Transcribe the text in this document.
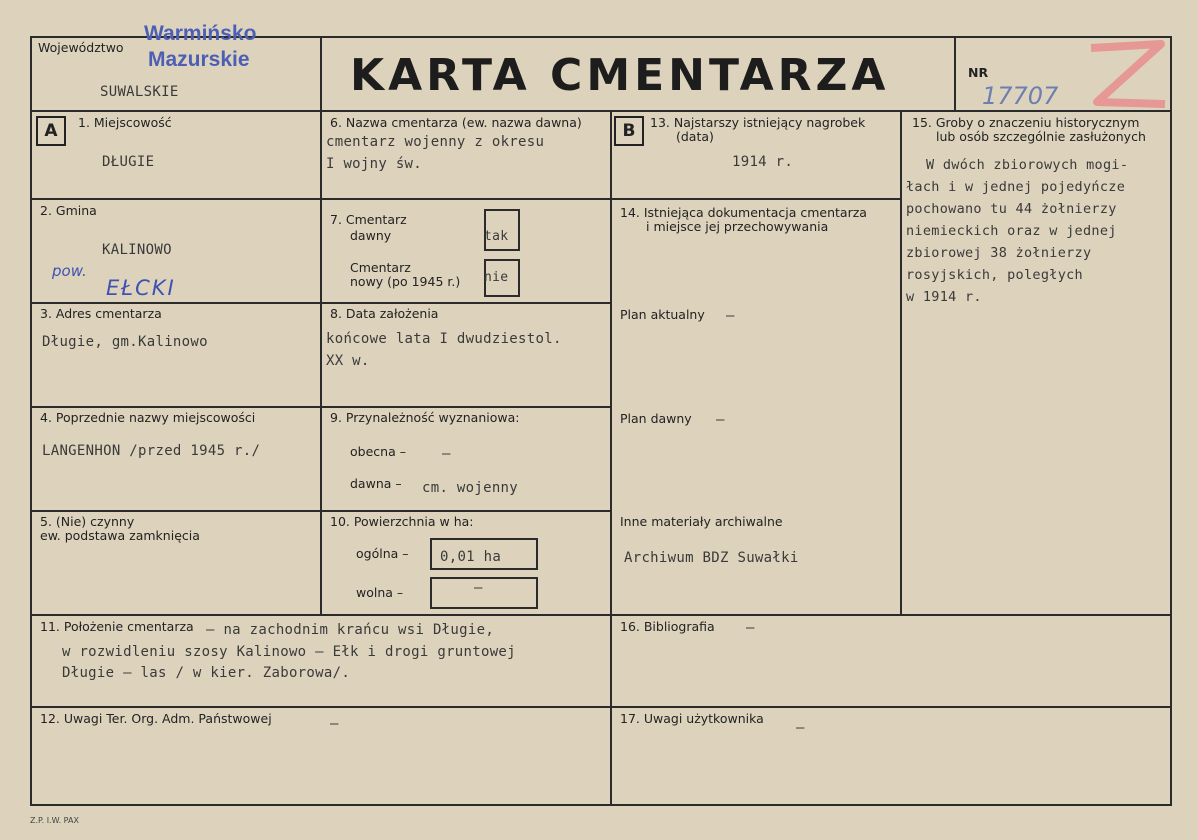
Województwo
Warmińsko
Mazurskie
SUWALSKIE	KARTA CMENTARZA	NR
17707
A	B
1. Miejscowość
DŁUGIE
2. Gmina
KALINOWO
pow.
EŁCKI
3. Adres cmentarza
Długie, gm.Kalinowo
4. Poprzednie nazwy miejscowości
LANGENHON /przed 1945 r./
5. (Nie) czynny
ew. podstawa zamknięcia
6. Nazwa cmentarza (ew. nazwa dawna)
cmentarz wojenny z okresu
I wojny św.
7. Cmentarz
dawny	tak
Cmentarz
nowy (po 1945 r.) nie
8. Data założenia
końcowe lata I dwudziestol.
XX w.
9. Przynależność wyznaniowa:
obecna –	–
dawna – cm. wojenny
10. Powierzchnia w ha:
ogólna – 0,01 ha
wolna –	–
11. Położenie cmentarza – na zachodnim krańcu wsi Długie,
w rozwidleniu szosy Kalinowo – Ełk i drogi gruntowej
Długie – las / w kier. Zaborowa/.
12. Uwagi Ter. Org. Adm. Państwowej	–
13. Najstarszy istniejący nagrobek
(data)
1914 r.
14. Istniejąca dokumentacja cmentarza
i miejsce jej przechowywania
Plan aktualny –
Plan dawny –
Inne materiały archiwalne
Archiwum BDZ Suwałki
15. Groby o znaczeniu historycznym
lub osób szczególnie zasłużonych
W dwóch zbiorowych mogi-
łach i w jednej pojedyńcze
pochowano tu 44 żołnierzy
niemieckich oraz w jednej
zbiorowej 38 żołnierzy
rosyjskich, poległych
w 1914 r.
16. Bibliografia –
17. Uwagi użytkownika
–
Z.P. I.W. PAX
